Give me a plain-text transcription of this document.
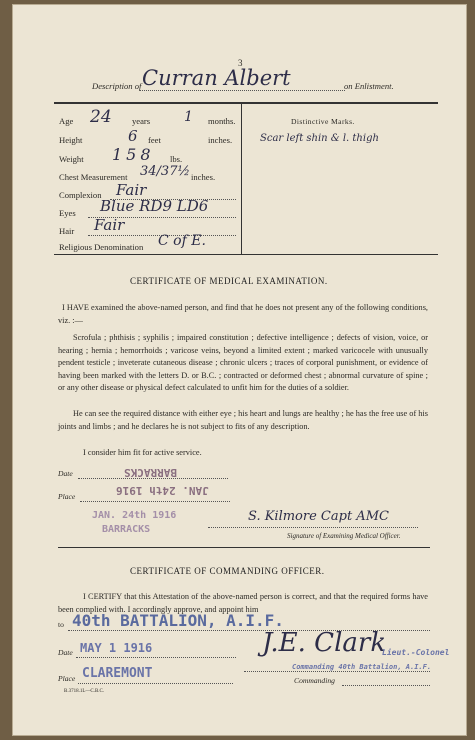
3
Description of Curran Albert	on Enlistment.
Age 24 years 1 months.
Height	6 feet	inches.
Weight 158 lbs.
Chest Measurement 34/37½ inches.
Complexion Fair
Eyes Blue RD9 LD6
Hair Fair
Religious Denomination C of E.
Distinctive Marks.
Scar left shin & l. thigh
CERTIFICATE OF MEDICAL EXAMINATION.
I HAVE examined the above-named person, and find that he does not present any of the following conditions, viz. :—
Scrofula ; phthisis ; syphilis ; impaired constitution ; defective intelligence ; defects of vision, voice, or hearing ; hernia ; hemorrhoids ; varicose veins, beyond a limited extent ; marked varicocele with unusually pendent testicle ; inveterate cutaneous disease ; chronic ulcers ; traces of corporal punishment, or evidence of having been marked with the letters D. or B.C. ; contracted or deformed chest ; abnormal curvature of spine ; or any other disease or physical defect calculated to unfit him for the duties of a soldier.
He can see the required distance with either eye ; his heart and lungs are healthy ; he has the free use of his joints and limbs ; and he declares he is not subject to fits of any description.
I consider him fit for active service.
Date	BARRACKS
Place	JAN. 24th 1916
JAN. 24th 1916
BARRACKS
S. Kilmore Capt AMC
Signature of Examining Medical Officer.
CERTIFICATE OF COMMANDING OFFICER.
I CERTIFY that this Attestation of the above-named person is correct, and that the required forms have been complied with. I accordingly approve, and appoint him
to 40th BATTALION, A.I.F.
Date MAY 1 1916	J.E. Clark
Lieut.-Colonel
Commanding 40th Battalion, A.I.F.
Place CLAREMONT	Commanding
B.3718.1L—C.B.C.
